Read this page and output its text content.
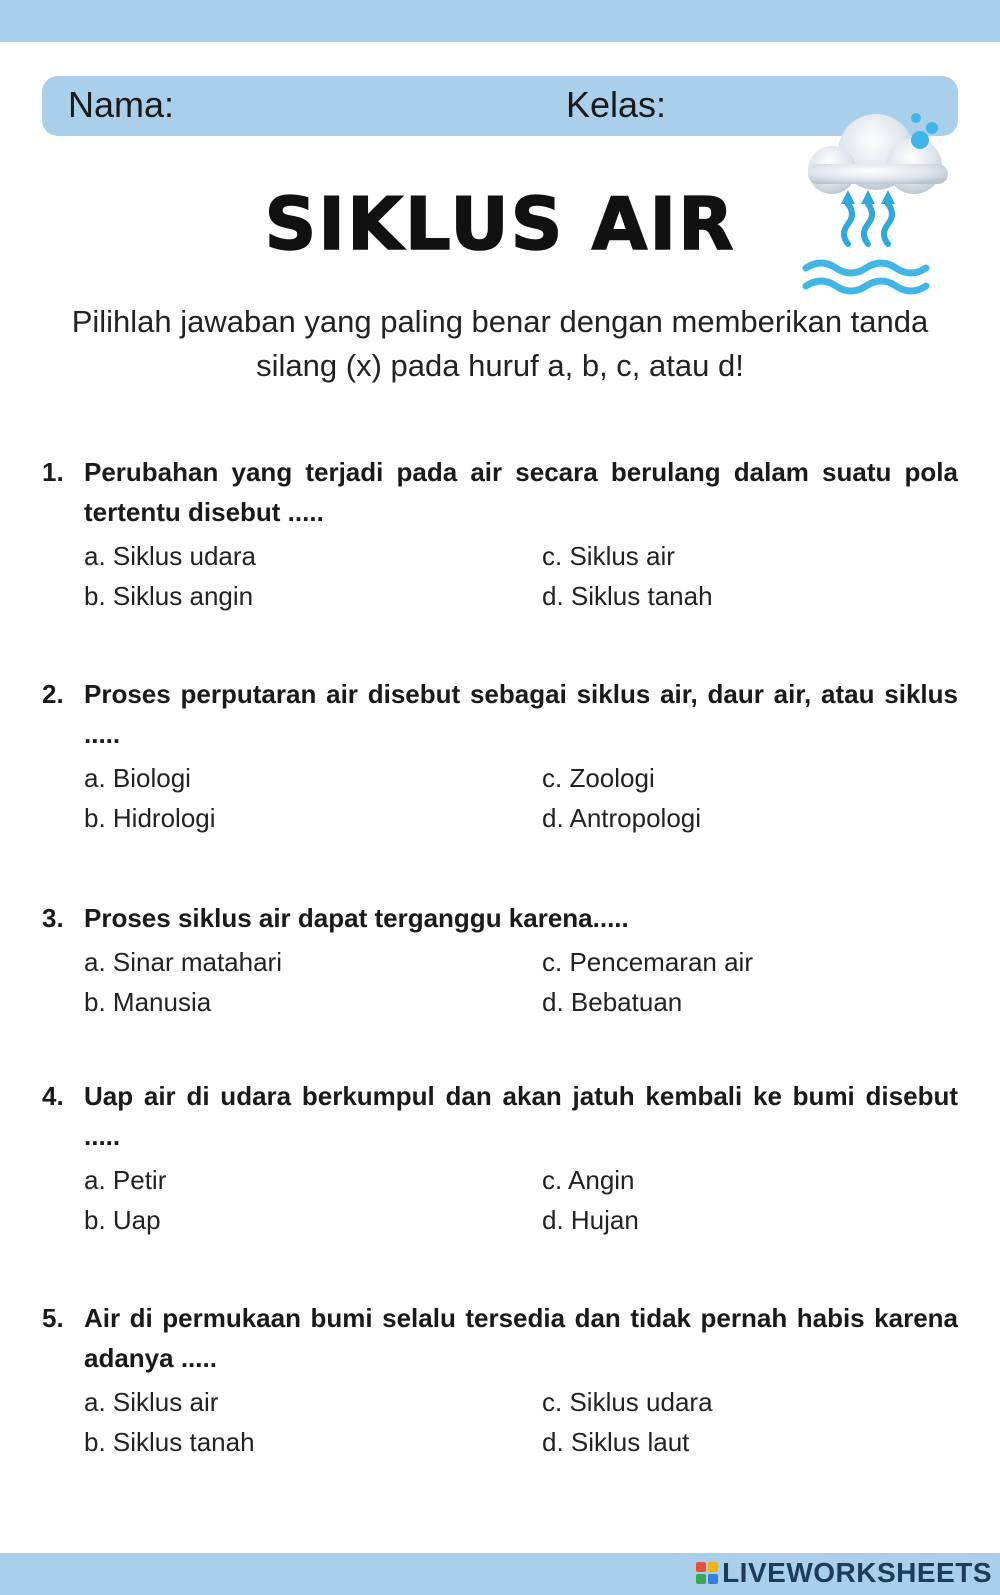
Nama:	Kelas:
SIKLUS AIR
Pilihlah jawaban yang paling benar dengan memberikan tanda silang (x) pada huruf a, b, c, atau d!
1. Perubahan yang terjadi pada air secara berulang dalam suatu pola tertentu disebut .....
a. Siklus udara	c. Siklus air
b. Siklus angin	d. Siklus tanah
2. Proses perputaran air disebut sebagai siklus air, daur air, atau siklus .....
a. Biologi	c. Zoologi
b. Hidrologi	d. Antropologi
3. Proses siklus air dapat terganggu karena.....
a. Sinar matahari	c. Pencemaran air
b. Manusia	d. Bebatuan
4. Uap air di udara berkumpul dan akan jatuh kembali ke bumi disebut .....
a. Petir	c. Angin
b. Uap	d. Hujan
5. Air di permukaan bumi selalu tersedia dan tidak pernah habis karena adanya .....
a. Siklus air	c. Siklus udara
b. Siklus tanah	d. Siklus laut
LIVEWORKSHEETS
